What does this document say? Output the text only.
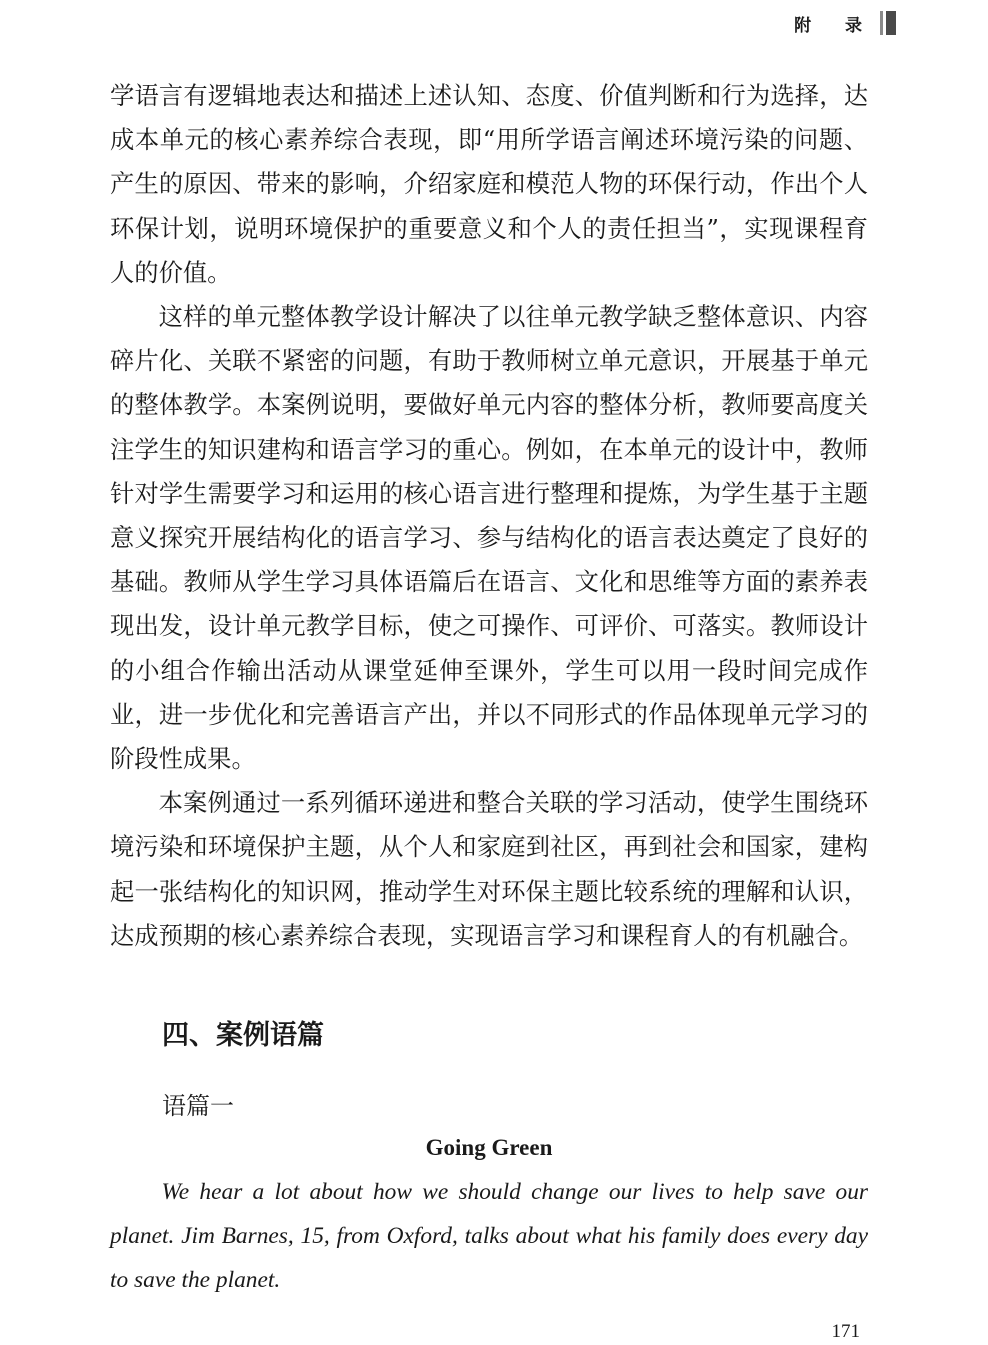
附 录

学语言有逻辑地表达和描述上述认知、态度、价值判断和行为选择，达成本单元的核心素养综合表现，即“用所学语言阐述环境污染的问题、产生的原因、带来的影响，介绍家庭和模范人物的环保行动，作出个人环保计划，说明环境保护的重要意义和个人的责任担当”，实现课程育人的价值。

这样的单元整体教学设计解决了以往单元教学缺乏整体意识、内容碎片化、关联不紧密的问题，有助于教师树立单元意识，开展基于单元的整体教学。本案例说明，要做好单元内容的整体分析，教师要高度关注学生的知识建构和语言学习的重心。例如，在本单元的设计中，教师针对学生需要学习和运用的核心语言进行整理和提炼，为学生基于主题意义探究开展结构化的语言学习、参与结构化的语言表达奠定了良好的基础。教师从学生学习具体语篇后在语言、文化和思维等方面的素养表现出发，设计单元教学目标，使之可操作、可评价、可落实。教师设计的小组合作输出活动从课堂延伸至课外，学生可以用一段时间完成作业，进一步优化和完善语言产出，并以不同形式的作品体现单元学习的阶段性成果。

本案例通过一系列循环递进和整合关联的学习活动，使学生围绕环境污染和环境保护主题，从个人和家庭到社区，再到社会和国家，建构起一张结构化的知识网，推动学生对环保主题比较系统的理解和认识，达成预期的核心素养综合表现，实现语言学习和课程育人的有机融合。

四、案例语篇
语篇一
Going Green
We hear a lot about how we should change our lives to help save our planet. Jim Barnes, 15, from Oxford, talks about what his family does every day to save the planet.
171
